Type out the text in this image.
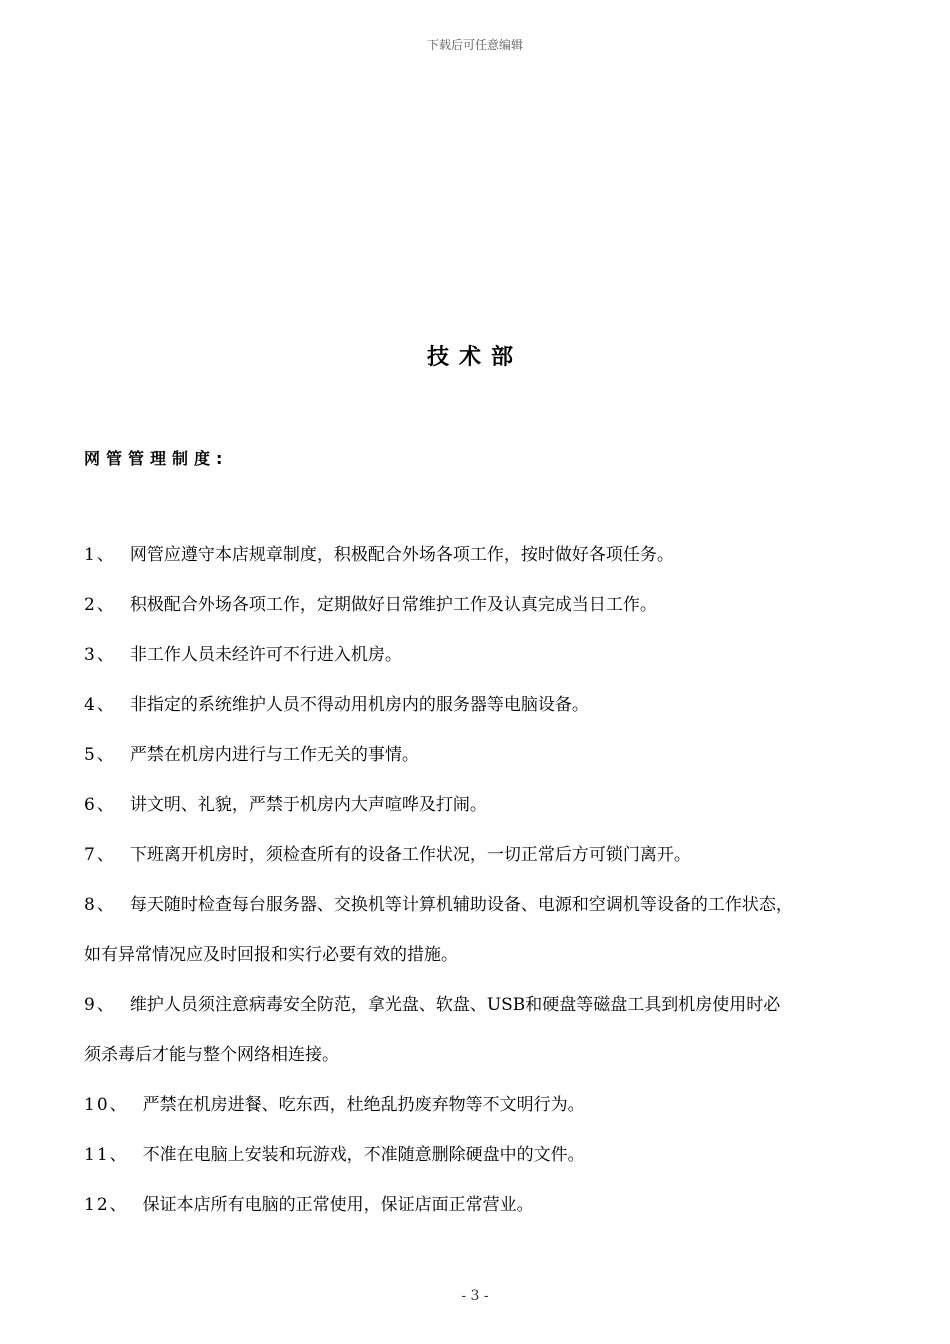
下载后可任意编辑
技术部
网管管理制度:
1、 网管应遵守本店规章制度，积极配合外场各项工作，按时做好各项任务。
2、 积极配合外场各项工作，定期做好日常维护工作及认真完成当日工作。
3、 非工作人员未经许可不行进入机房。
4、 非指定的系统维护人员不得动用机房内的服务器等电脑设备。
5、 严禁在机房内进行与工作无关的事情。
6、 讲文明、礼貌，严禁于机房内大声喧哗及打闹。
7、 下班离开机房时，须检查所有的设备工作状况，一切正常后方可锁门离开。
8、 每天随时检查每台服务器、交换机等计算机辅助设备、电源和空调机等设备的工作状态，
如有异常情况应及时回报和实行必要有效的措施。
9、 维护人员须注意病毒安全防范，拿光盘、软盘、USB和硬盘等磁盘工具到机房使用时必
须杀毒后才能与整个网络相连接。
10、 严禁在机房进餐、吃东西，杜绝乱扔废弃物等不文明行为。
11、 不准在电脑上安装和玩游戏，不准随意删除硬盘中的文件。
12、 保证本店所有电脑的正常使用，保证店面正常营业。
- 3 -
